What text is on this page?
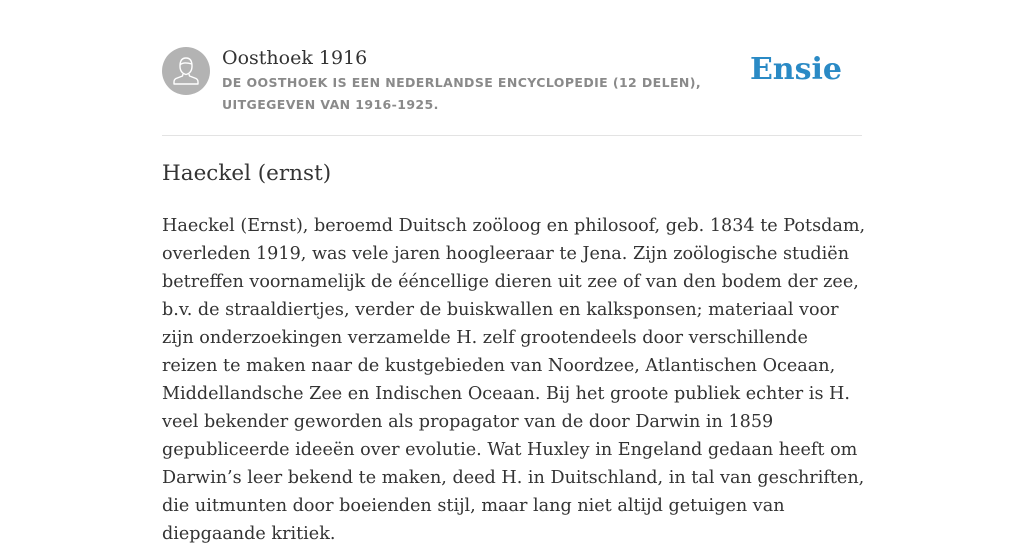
Oosthoek 1916
DE OOSTHOEK IS EEN NEDERLANDSE ENCYCLOPEDIE (12 DELEN), UITGEGEVEN VAN 1916-1925.
Ensie
Haeckel (ernst)

Haeckel (Ernst), beroemd Duitsch zoöloog en philosoof, geb. 1834 te Potsdam, overleden 1919, was vele jaren hoogleeraar te Jena. Zijn zoölogische studiën betreffen voornamelijk de ééncellige dieren uit zee of van den bodem der zee, b.v. de straaldiertjes, verder de buiskwallen en kalksponsen; materiaal voor zijn onderzoekingen verzamelde H. zelf grootendeels door verschillende reizen te maken naar de kustgebieden van Noordzee, Atlantischen Oceaan, Middellandsche Zee en Indischen Oceaan. Bij het groote publiek echter is H. veel bekender geworden als propagator van de door Darwin in 1859 gepubliceerde ideeën over evolutie. Wat Huxley in Engeland gedaan heeft om Darwin’s leer bekend te maken, deed H. in Duitschland, in tal van geschriften, die uitmunten door boeienden stijl, maar lang niet altijd getuigen van diepgaande kritiek.
